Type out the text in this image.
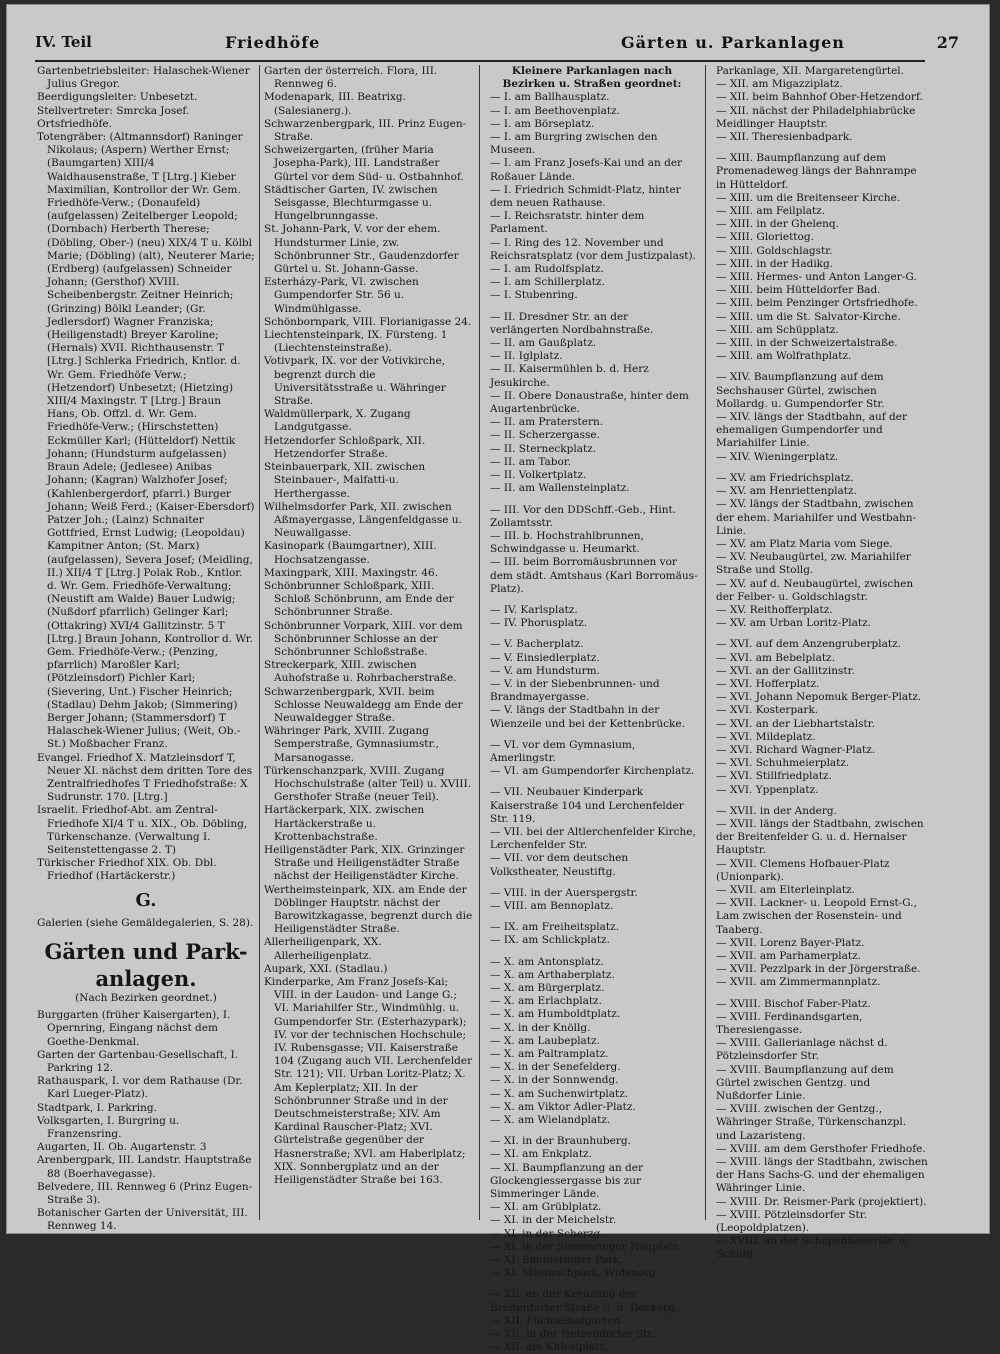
IV. Teil	Friedhöfe	Gärten u. Parkanlagen	27

Gartenbetriebsleiter: Halaschek-Wiener Julius Gregor.

Beerdigungsleiter: Unbesetzt.

Stellvertreter: Smrcka Josef.

Ortsfriedhöfe.

Totengräber: (Altmannsdorf) Raninger Nikolaus; (Aspern) Werther Ernst; (Baumgarten) XIII/4 Waidhausenstraße, T [Ltrg.] Kieber Maximilian, Kontrollor der Wr. Gem. Friedhöfe-Verw.; (Donaufeld) (aufgelassen) Zeitelberger Leopold; (Dornbach) Herberth Therese; (Döbling, Ober-) (neu) XIX/4 T u. Kölbl Marie; (Döbling) (alt), Neuterer Marie; (Erdberg) (aufgelassen) Schneider Johann; (Gersthof) XVIII. Scheibenbergstr. Zeitner Heinrich; (Grinzing) Bölkl Leander; (Gr. Jedlersdorf) Wagner Franziska; (Heiligenstadt) Breyer Karoline; (Hernals) XVII. Richthausenstr. T [Ltrg.] Schlerka Friedrich, Kntlor. d. Wr. Gem. Friedhöfe Verw.; (Hetzendorf) Unbesetzt; (Hietzing) XIII/4 Maxingstr. T [Ltrg.] Braun Hans, Ob. Offzl. d. Wr. Gem. Friedhöfe-Verw.; (Hirschstetten) Eckmüller Karl; (Hütteldorf) Nettik Johann; (Hundsturm aufgelassen) Braun Adele; (Jedlesee) Anibas Johann; (Kagran) Walzhofer Josef; (Kahlenbergerdorf, pfarrl.) Burger Johann; Weiß Ferd.; (Kaiser-Ebersdorf) Patzer Joh.; (Lainz) Schnaiter Gottfried, Ernst Ludwig; (Leopoldau) Kampitner Anton; (St. Marx) (aufgelassen), Severa Josef; (Meidling, II.) XII/4 T [Ltrg.] Polak Rob., Kntlor. d. Wr. Gem. Friedhöfe-Verwaltung; (Neustift am Walde) Bauer Ludwig; (Nußdorf pfarrlich) Gelinger Karl; (Ottakring) XVI/4 Gallitzinstr. 5 T [Ltrg.] Braun Johann, Kontrollor d. Wr. Gem. Friedhöfe-Verw.; (Penzing, pfarrlich) Maroßler Karl; (Pötzleinsdorf) Pichler Karl; (Sievering, Unt.) Fischer Heinrich; (Stadlau) Dehm Jakob; (Simmering) Berger Johann; (Stammersdorf) T Halaschek-Wiener Julius; (Weit, Ob.-St.) Moßbacher Franz.

Evangel. Friedhof X. Matzleinsdorf T, Neuer XI. nächst dem dritten Tore des Zentralfriedhofes T Friedhofstraße: X Sudrunstr. 170. [Ltrg.]

Israelit. Friedhof-Abt. am Zentral-Friedhofe XI/4 T u. XIX., Ob. Döbling, Türkenschanze. (Verwaltung I. Seitenstettengasse 2. T)

Türkischer Friedhof XIX. Ob. Dbl. Friedhof (Hartäckerstr.)

G.

Galerien (siehe Gemäldegalerien, S. 28).

Gärten und Park-
anlagen.
(Nach Bezirken geordnet.)

Burggarten (früher Kaisergarten), I. Opernring, Eingang nächst dem Goethe-Denkmal.

Garten der Gartenbau-Gesellschaft, I. Parkring 12.

Rathauspark, I. vor dem Rathause (Dr. Karl Lueger-Platz).

Stadtpark, I. Parkring.

Volksgarten, I. Burgring u. Franzensring.

Augarten, II. Ob. Augartenstr. 3

Arenbergpark, III. Landstr. Hauptstraße 88 (Boerhavegasse).

Belvedere, III. Rennweg 6 (Prinz Eugen-Straße 3).

Botanischer Garten der Universität, III. Rennweg 14.

Garten der österreich. Flora, III. Rennweg 6.

Modenapark, III. Beatrixg. (Salesianerg.).

Schwarzenbergpark, III. Prinz Eugen-Straße.

Schweizergarten, (früher Maria Josepha-Park), III. Landstraßer Gürtel vor dem Süd- u. Ostbahnhof.

Städtischer Garten, IV. zwischen Seisgasse, Blechturmgasse u. Hungelbrunngasse.

St. Johann-Park, V. vor der ehem. Hundsturmer Linie, zw. Schönbrunner Str., Gaudenzdorfer Gürtel u. St. Johann-Gasse.

Esterházy-Park, VI. zwischen Gumpendorfer Str. 56 u. Windmühlgasse.

Schönbornpark, VIII. Florianigasse 24.

Liechtensteinpark, IX. Fürsteng. 1 (Liechtensteinstraße).

Votivpark, IX. vor der Votivkirche, begrenzt durch die Universitätsstraße u. Währinger Straße.

Waldmüllerpark, X. Zugang Landgutgasse.

Hetzendorfer Schloßpark, XII. Hetzendorfer Straße.

Steinbauerpark, XII. zwischen Steinbauer-, Malfatti-u. Herthergasse.

Wilhelmsdorfer Park, XII. zwischen Aßmayergasse, Längenfeldgasse u. Neuwallgasse.

Kasinopark (Baumgartner), XIII. Hochsatzengasse.

Maxingpark, XIII. Maxingstr. 46.

Schönbrunner Schloßpark, XIII. Schloß Schönbrunn, am Ende der Schönbrunner Straße.

Schönbrunner Vorpark, XIII. vor dem Schönbrunner Schlosse an der Schönbrunner Schloßstraße.

Streckerpark, XIII. zwischen Auhofstraße u. Rohrbacherstraße.

Schwarzenbergpark, XVII. beim Schlosse Neuwaldegg am Ende der Neuwaldegger Straße.

Währinger Park, XVIII. Zugang Semperstraße, Gymnasiumstr., Marsanogasse.

Türkenschanzpark, XVIII. Zugang Hochschulstraße (alter Teil) u. XVIII. Gersthofer Straße (neuer Teil).

Hartäckerpark, XIX. zwischen Hartäckerstraße u. Krottenbachstraße.

Heiligenstädter Park, XIX. Grinzinger Straße und Heiligenstädter Straße nächst der Heiligenstädter Kirche.

Wertheimsteinpark, XIX. am Ende der Döblinger Hauptstr. nächst der Barowitzkagasse, begrenzt durch die Heiligenstädter Straße.

Allerheiligenpark, XX. Allerheiligenplatz.

Aupark, XXI. (Stadlau.)

Kinderparke, Am Franz Josefs-Kai; VIII. in der Laudon- und Lange G.; VI. Mariahilfer Str., Windmühlg. u. Gumpendorfer Str. (Esterhazypark); IV. vor der technischen Hochschule; IV. Rubensgasse; VII. Kaiserstraße 104 (Zugang auch VII. Lerchenfelder Str. 121); VII. Urban Loritz-Platz; X. Am Keplerplatz; XII. In der Schönbrunner Straße und in der Deutschmeisterstraße; XIV. Am Kardinal Rauscher-Platz; XVI. Gürtelstraße gegenüber der Hasnerstraße; XVI. am Haberlplatz; XIX. Sonnbergplatz und an der Heiligenstädter Straße bei 163.

Kleinere Parkanlagen nach Bezirken u. Straßen geordnet:

— I. am Ballhausplatz.

— I. am Beethovenplatz.

— I. am Börseplatz.

— I. am Burgring zwischen den Museen.

— I. am Franz Josefs-Kai und an der Roßauer Lände.

— I. Friedrich Schmidt-Platz, hinter dem neuen Rathause.

— I. Reichsratstr. hinter dem Parlament.

— I. Ring des 12. November und Reichsratsplatz (vor dem Justizpalast).

— I. am Rudolfsplatz.

— I. am Schillerplatz.

— I. Stubenring.

— II. Dresdner Str. an der verlängerten Nordbahnstraße.

— II. am Gaußplatz.

— II. Iglplatz.

— II. Kaisermühlen b. d. Herz Jesukirche.

— II. Obere Donaustraße, hinter dem Augartenbrücke.

— II. am Praterstern.

— II. Scherzergasse.

— II. Sterneckplatz.

— II. am Tabor.

— II. Volkertplatz.

— II. am Wallensteinplatz.

— III. Vor den DDSchff.-Geb., Hint. Zollamtsstr.

— III. b. Hochstrahlbrunnen, Schwindgasse u. Heumarkt.

— III. beim Borromäusbrunnen vor dem städt. Amtshaus (Karl Borromäus-Platz).

— IV. Karlsplatz.

— IV. Phorusplatz.

— V. Bacherplatz.

— V. Einsiedlerplatz.

— V. am Hundsturm.

— V. in der Siebenbrunnen- und Brandmayergasse.

— V. längs der Stadtbahn in der Wienzeile und bei der Kettenbrücke.

— VI. vor dem Gymnasium, Amerlingstr.

— VI. am Gumpendorfer Kirchenplatz.

— VII. Neubauer Kinderpark Kaiserstraße 104 und Lerchenfelder Str. 119.

— VII. bei der Altlerchenfelder Kirche, Lerchenfelder Str.

— VII. vor dem deutschen Volkstheater, Neustiftg.

— VIII. in der Auerspergstr.

— VIII. am Bennoplatz.

— IX. am Freiheitsplatz.

— IX. am Schlickplatz.

— X. am Antonsplatz.

— X. am Arthaberplatz.

— X. am Bürgerplatz.

— X. am Erlachplatz.

— X. am Humboldtplatz.

— X. in der Knöllg.

— X. am Laubeplatz.

— X. am Paltramplatz.

— X. in der Senefelderg.

— X. in der Sonnwendg.

— X. am Suchenwirtplatz.

— X. am Viktor Adler-Platz.

— X. am Wielandplatz.

— XI. in der Braunhuberg.

— XI. am Enkplatz.

— XI. Baumpflanzung an der Glockengiessergasse bis zur Simmeringer Lände.

— XI. am Grüblplatz.

— XI. in der Meichelstr.

— XI. in der Scherzg.

— XI. in der Simmeringer Hauptstr.

— XI. Simmeringer Park.

— XI. Miesbachpark, Widenotg.

— XII. an der Kreuzung der Breitenfurter Straße u. d. Deckerg.

— XII. Füchselhofgarten.

— XII. in der Hetzendorfer Str.

— XII. am Khleslplatz.

Parkanlage, XII. Margaretengürtel.

— XII. am Migazziplatz.

— XII. beim Bahnhof Ober-Hetzendorf.

— XII. nächst der Philadelphiabrücke Meidlinger Hauptstr.

— XII. Theresienbadpark.

— XIII. Baumpflanzung auf dem Promenadeweg längs der Bahnrampe in Hütteldorf.

— XIII. um die Breitenseer Kirche.

— XIII. am Feilplatz.

— XIII. in der Ghelenq.

— XIII. Gloriettog.

— XIII. Goldschlagstr.

— XIII. in der Hadikg.

— XIII. Hermes- und Anton Langer-G.

— XIII. beim Hütteldorfer Bad.

— XIII. beim Penzinger Ortsfriedhofe.

— XIII. um die St. Salvator-Kirche.

— XIII. am Schüpplatz.

— XIII. in der Schweizertalstraße.

— XIII. am Wolfrathplatz.

— XIV. Baumpflanzung auf dem Sechshauser Gürtel, zwischen Mollardg. u. Gumpendorfer Str.

— XIV. längs der Stadtbahn, auf der ehemaligen Gumpendorfer und Mariahilfer Linie.

— XIV. Wieningerplatz.

— XV. am Friedrichsplatz.

— XV. am Henriettenplatz.

— XV. längs der Stadtbahn, zwischen der ehem. Mariahilfer und Westbahn-Linie.

— XV. am Platz Maria vom Siege.

— XV. Neubaugürtel, zw. Mariahilfer Straße und Stollg.

— XV. auf d. Neubaugürtel, zwischen der Felber- u. Goldschlagstr.

— XV. Reithofferplatz.

— XV. am Urban Loritz-Platz.

— XVI. auf dem Anzengruberplatz.

— XVI. am Bebelplatz.

— XVI. an der Gallitzinstr.

— XVI. Hofferplatz.

— XVI. Johann Nepomuk Berger-Platz.

— XVI. Kosterpark.

— XVI. an der Liebhartstalstr.

— XVI. Mildeplatz.

— XVI. Richard Wagner-Platz.

— XVI. Schuhmeierplatz.

— XVI. Stillfriedplatz.

— XVI. Yppenplatz.

— XVII. in der Anderg.

— XVII. längs der Stadtbahn, zwischen der Breitenfelder G. u. d. Hernalser Hauptstr.

— XVII. Clemens Hofbauer-Platz (Unionpark).

— XVII. am Elterleinplatz.

— XVII. Lackner- u. Leopold Ernst-G., Lam zwischen der Rosenstein- und Taaberg.

— XVII. Lorenz Bayer-Platz.

— XVII. am Parhamerplatz.

— XVII. Pezzlpark in der Jörgerstraße.

— XVII. am Zimmermannplatz.

— XVIII. Bischof Faber-Platz.

— XVIII. Ferdinandsgarten, Theresiengasse.

— XVIII. Gallerianlage nächst d. Pötzleinsdorfer Str.

— XVIII. Baumpflanzung auf dem Gürtel zwischen Gentzg. und Nußdorfer Linie.

— XVIII. zwischen der Gentzg., Währinger Straße, Türkenschanzpl. und Lazaristeng.

— XVIII. am dem Gersthofer Friedhofe.

— XVIII. längs der Stadtbahn, zwischen der Hans Sachs-G. und der ehemaligen Währinger Linie.

— XVIII. Dr. Reismer-Park (projektiert).

— XVIII. Pötzleinsdorfer Str. (Leopoldplatzen).

— XVIII. an der Schopenhauerstr. u. Schulg.
